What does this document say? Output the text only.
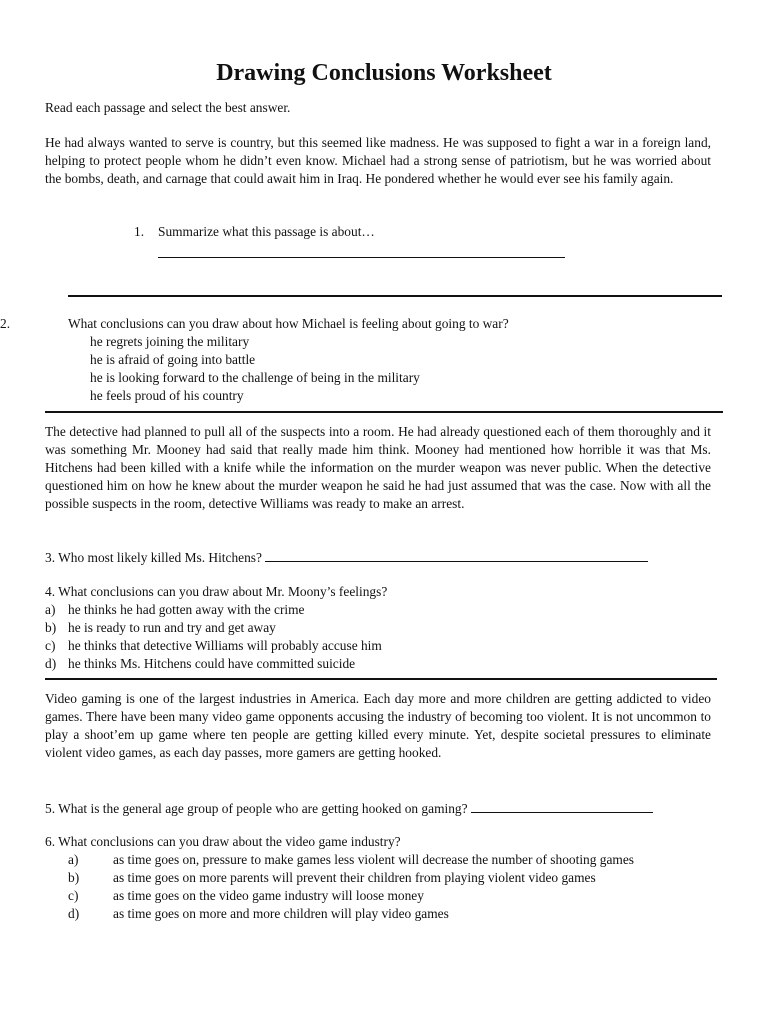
Drawing Conclusions Worksheet
Read each passage and select the best answer.
He had always wanted to serve is country, but this seemed like madness. He was supposed to fight a war in a foreign land, helping to protect people whom he didn’t even know. Michael had a strong sense of patriotism, but he was worried about the bombs, death, and carnage that could await him in Iraq. He pondered whether he would ever see his family again.
1. Summarize what this passage is about…
2.	What conclusions can you draw about how Michael is feeling about going to war?
he regrets joining the military
he is afraid of going into battle
he is looking forward to the challenge of being in the military
he feels proud of his country
The detective had planned to pull all of the suspects into a room. He had already questioned each of them thoroughly and it was something Mr. Mooney had said that really made him think. Mooney had mentioned how horrible it was that Ms. Hitchens had been killed with a knife while the information on the murder weapon was never public. When the detective questioned him on how he knew about the murder weapon he said he had just assumed that was the case. Now with all the possible suspects in the room, detective Williams was ready to make an arrest.
3. Who most likely killed Ms. Hitchens?
4. What conclusions can you draw about Mr. Moony’s feelings?
a) he thinks he had gotten away with the crime
b) he is ready to run and try and get away
c) he thinks that detective Williams will probably accuse him
d) he thinks Ms. Hitchens could have committed suicide
Video gaming is one of the largest industries in America. Each day more and more children are getting addicted to video games. There have been many video game opponents accusing the industry of becoming too violent. It is not uncommon to play a shoot’em up game where ten people are getting killed every minute. Yet, despite societal pressures to eliminate violent video games, as each day passes, more gamers are getting hooked.
5. What is the general age group of people who are getting hooked on gaming?
6. What conclusions can you draw about the video game industry?
a)	as time goes on, pressure to make games less violent will decrease the number of shooting games
b)	as time goes on more parents will prevent their children from playing violent video games
c)	as time goes on the video game industry will loose money
d)	as time goes on more and more children will play video games
